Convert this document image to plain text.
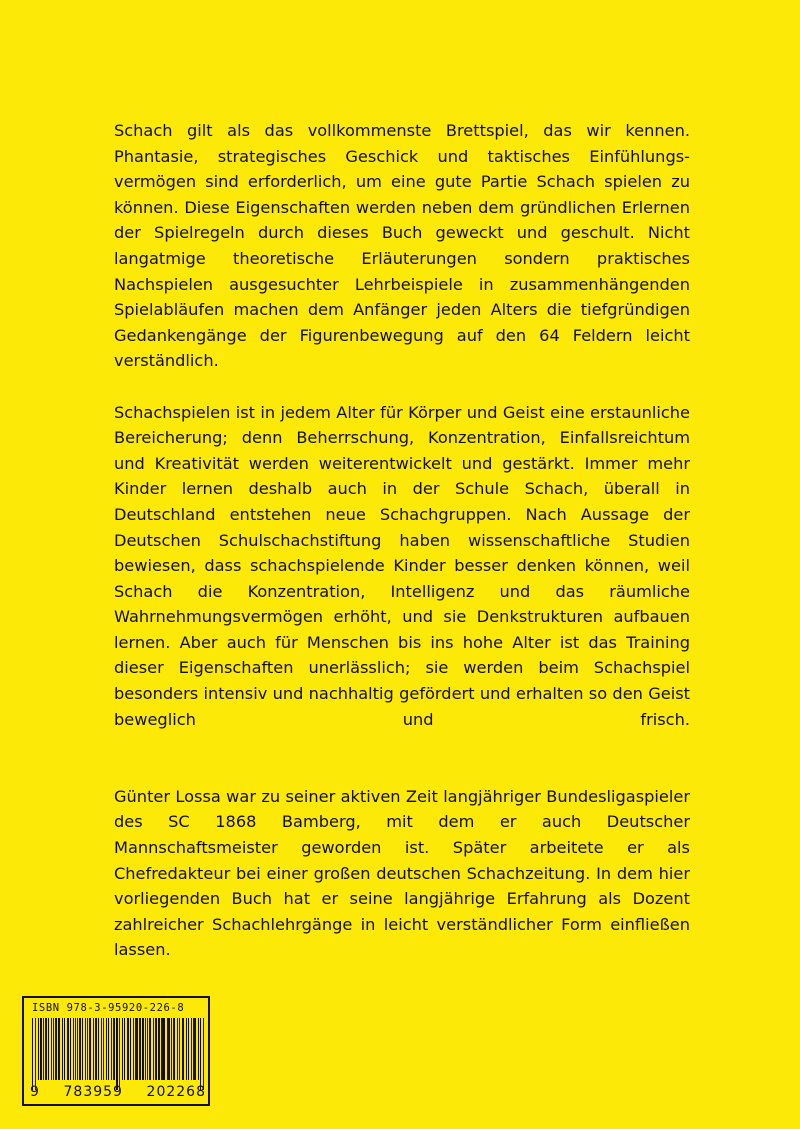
Schach gilt als das vollkommenste Brettspiel, das wir kennen. Phantasie, strategisches Geschick und taktisches Einfühlungs-vermögen sind erforderlich, um eine gute Partie Schach spielen zu können. Diese Eigenschaften werden neben dem gründlichen Erlernen der Spielregeln durch dieses Buch geweckt und geschult. Nicht langatmige theoretische Erläuterungen sondern praktisches Nachspielen ausgesuchter Lehrbeispiele in zusammenhängenden Spielabläufen machen dem Anfänger jeden Alters die tiefgründigen Gedankengänge der Figurenbewegung auf den 64 Feldern leicht verständlich.

Schachspielen ist in jedem Alter für Körper und Geist eine erstaunliche Bereicherung; denn Beherrschung, Konzentration, Einfallsreichtum und Kreativität werden weiterentwickelt und gestärkt. Immer mehr Kinder lernen deshalb auch in der Schule Schach, überall in Deutschland entstehen neue Schachgruppen. Nach Aussage der Deutschen Schulschachstiftung haben wissenschaftliche Studien bewiesen, dass schachspielende Kinder besser denken können, weil Schach die Konzentration, Intelligenz und das räumliche Wahrnehmungsvermögen erhöht, und sie Denkstrukturen aufbauen lernen. Aber auch für Menschen bis ins hohe Alter ist das Training dieser Eigenschaften unerlässlich; sie werden beim Schachspiel besonders intensiv und nachhaltig gefördert und erhalten so den Geist beweglich und frisch.

Günter Lossa war zu seiner aktiven Zeit langjähriger Bundesligaspieler des SC 1868 Bamberg, mit dem er auch Deutscher Mannschaftsmeister geworden ist. Später arbeitete er als Chefredakteur bei einer großen deutschen Schachzeitung. In dem hier vorliegenden Buch hat er seine langjährige Erfahrung als Dozent zahlreicher Schachlehrgänge in leicht verständlicher Form einfließen lassen.

ISBN 978-3-95920-226-8
9 783959 202268
